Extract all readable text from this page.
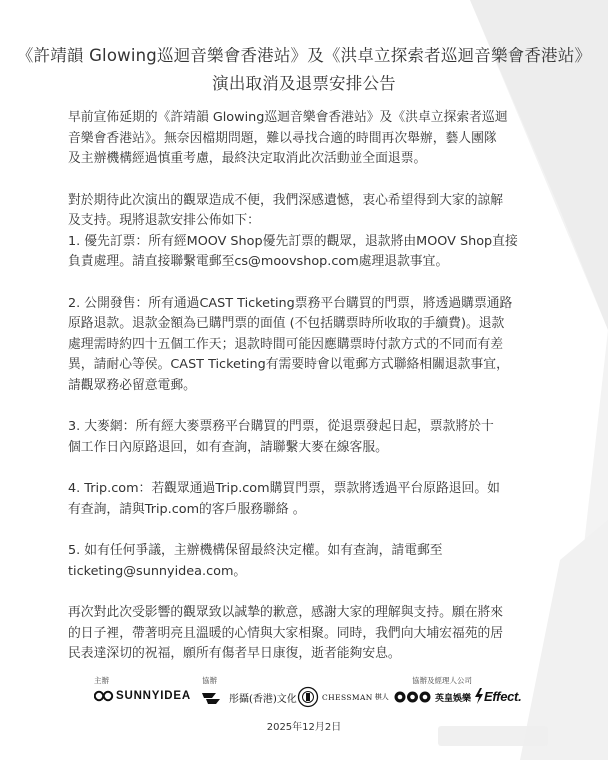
《許靖韻 Glowing巡迴音樂會香港站》及《洪卓立探索者巡迴音樂會香港站》
演出取消及退票安排公告
早前宣佈延期的《許靖韻 Glowing巡迴音樂會香港站》及《洪卓立探索者巡迴
音樂會香港站》。無奈因檔期問題，難以尋找合適的時間再次舉辦，藝人團隊
及主辦機構經過慎重考慮，最終決定取消此次活動並全面退票。
對於期待此次演出的觀眾造成不便，我們深感遺憾，衷心希望得到大家的諒解
及支持。現將退款安排公佈如下：
1. 優先訂票：所有經MOOV Shop優先訂票的觀眾，退款將由MOOV Shop直接
負責處理。請直接聯繫電郵至cs@moovshop.com處理退款事宜。
2. 公開發售：所有通過CAST Ticketing票務平台購買的門票，將透過購票通路
原路退款。退款金額為已購門票的面值 (不包括購票時所收取的手續費)。退款
處理需時約四十五個工作天；退款時間可能因應購票時付款方式的不同而有差
異，請耐心等侯。CAST Ticketing有需要時會以電郵方式聯絡相關退款事宜，
請觀眾務必留意電郵。
3. 大麥網：所有經大麥票務平台購買的門票，從退票發起日起，票款將於十
個工作日內原路退回，如有查詢，請聯繫大麥在線客服。
4. Trip.com：若觀眾通過Trip.com購買門票，票款將透過平台原路退回。如
有查詢，請與Trip.com的客戶服務聯絡 。
5. 如有任何爭議，主辦機構保留最終決定權。如有查詢，請電郵至
ticketing@sunnyidea.com。
再次對此次受影響的觀眾致以誠摯的歉意，感謝大家的理解與支持。願在將來
的日子裡，帶著明亮且溫暖的心情與大家相聚。同時，我們向大埔宏福苑的居
民表達深切的祝福，願所有傷者早日康復，逝者能夠安息。
主辦	協辦	協辦及經理人公司
SUNNYIDEA	彤攝(香港)文化	CHESSMAN 棋人	英皇娛樂 Effect.
2025年12月2日
